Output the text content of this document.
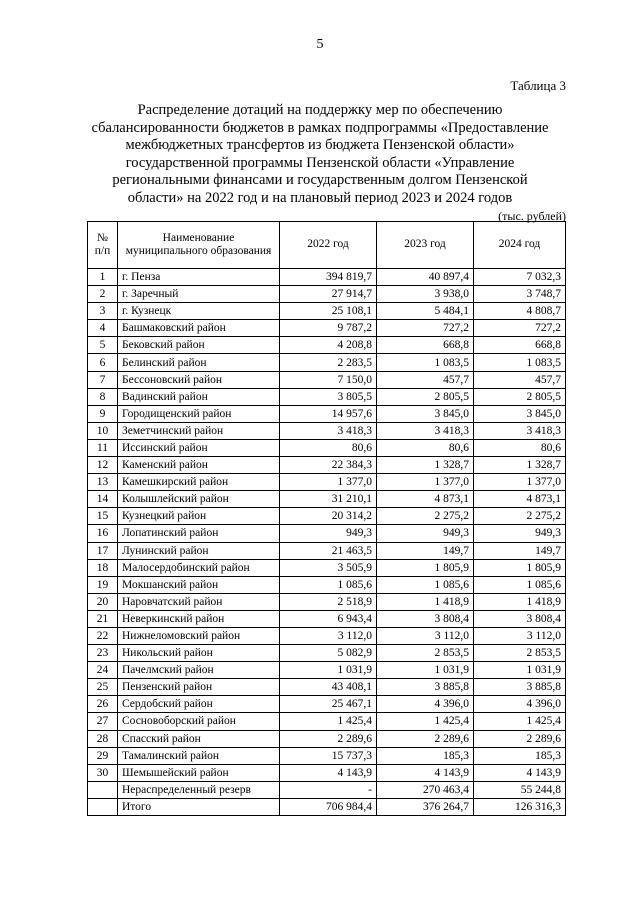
5
Таблица 3
Распределение дотаций на поддержку мер по обеспечению
сбалансированности бюджетов в рамках подпрограммы «Предоставление
межбюджетных трансфертов из бюджета Пензенской области»
государственной программы Пензенской области «Управление
региональными финансами и государственным долгом Пензенской
области» на 2022 год и на плановый период 2023 и 2024 годов
(тыс. рублей)
№ п/п	Наименование муниципального образования	2022 год	2023 год	2024 год
1	г. Пенза	394 819,7	40 897,4	7 032,3
2	г. Заречный	27 914,7	3 938,0	3 748,7
3	г. Кузнецк	25 108,1	5 484,1	4 808,7
4	Башмаковский район	9 787,2	727,2	727,2
5	Бековский район	4 208,8	668,8	668,8
6	Белинский район	2 283,5	1 083,5	1 083,5
7	Бессоновский район	7 150,0	457,7	457,7
8	Вадинский район	3 805,5	2 805,5	2 805,5
9	Городищенский район	14 957,6	3 845,0	3 845,0
10	Земетчинский район	3 418,3	3 418,3	3 418,3
11	Иссинский район	80,6	80,6	80,6
12	Каменский район	22 384,3	1 328,7	1 328,7
13	Камешкирский район	1 377,0	1 377,0	1 377,0
14	Колышлейский район	31 210,1	4 873,1	4 873,1
15	Кузнецкий район	20 314,2	2 275,2	2 275,2
16	Лопатинский район	949,3	949,3	949,3
17	Лунинский район	21 463,5	149,7	149,7
18	Малосердобинский район	3 505,9	1 805,9	1 805,9
19	Мокшанский район	1 085,6	1 085,6	1 085,6
20	Наровчатский район	2 518,9	1 418,9	1 418,9
21	Неверкинский район	6 943,4	3 808,4	3 808,4
22	Нижнеломовский район	3 112,0	3 112,0	3 112,0
23	Никольский район	5 082,9	2 853,5	2 853,5
24	Пачелмский район	1 031,9	1 031,9	1 031,9
25	Пензенский район	43 408,1	3 885,8	3 885,8
26	Сердобский район	25 467,1	4 396,0	4 396,0
27	Сосновоборский район	1 425,4	1 425,4	1 425,4
28	Спасский район	2 289,6	2 289,6	2 289,6
29	Тамалинский район	15 737,3	185,3	185,3
30	Шемышейский район	4 143,9	4 143,9	4 143,9
	Нераспределенный резерв	-	270 463,4	55 244,8
	Итого	706 984,4	376 264,7	126 316,3
